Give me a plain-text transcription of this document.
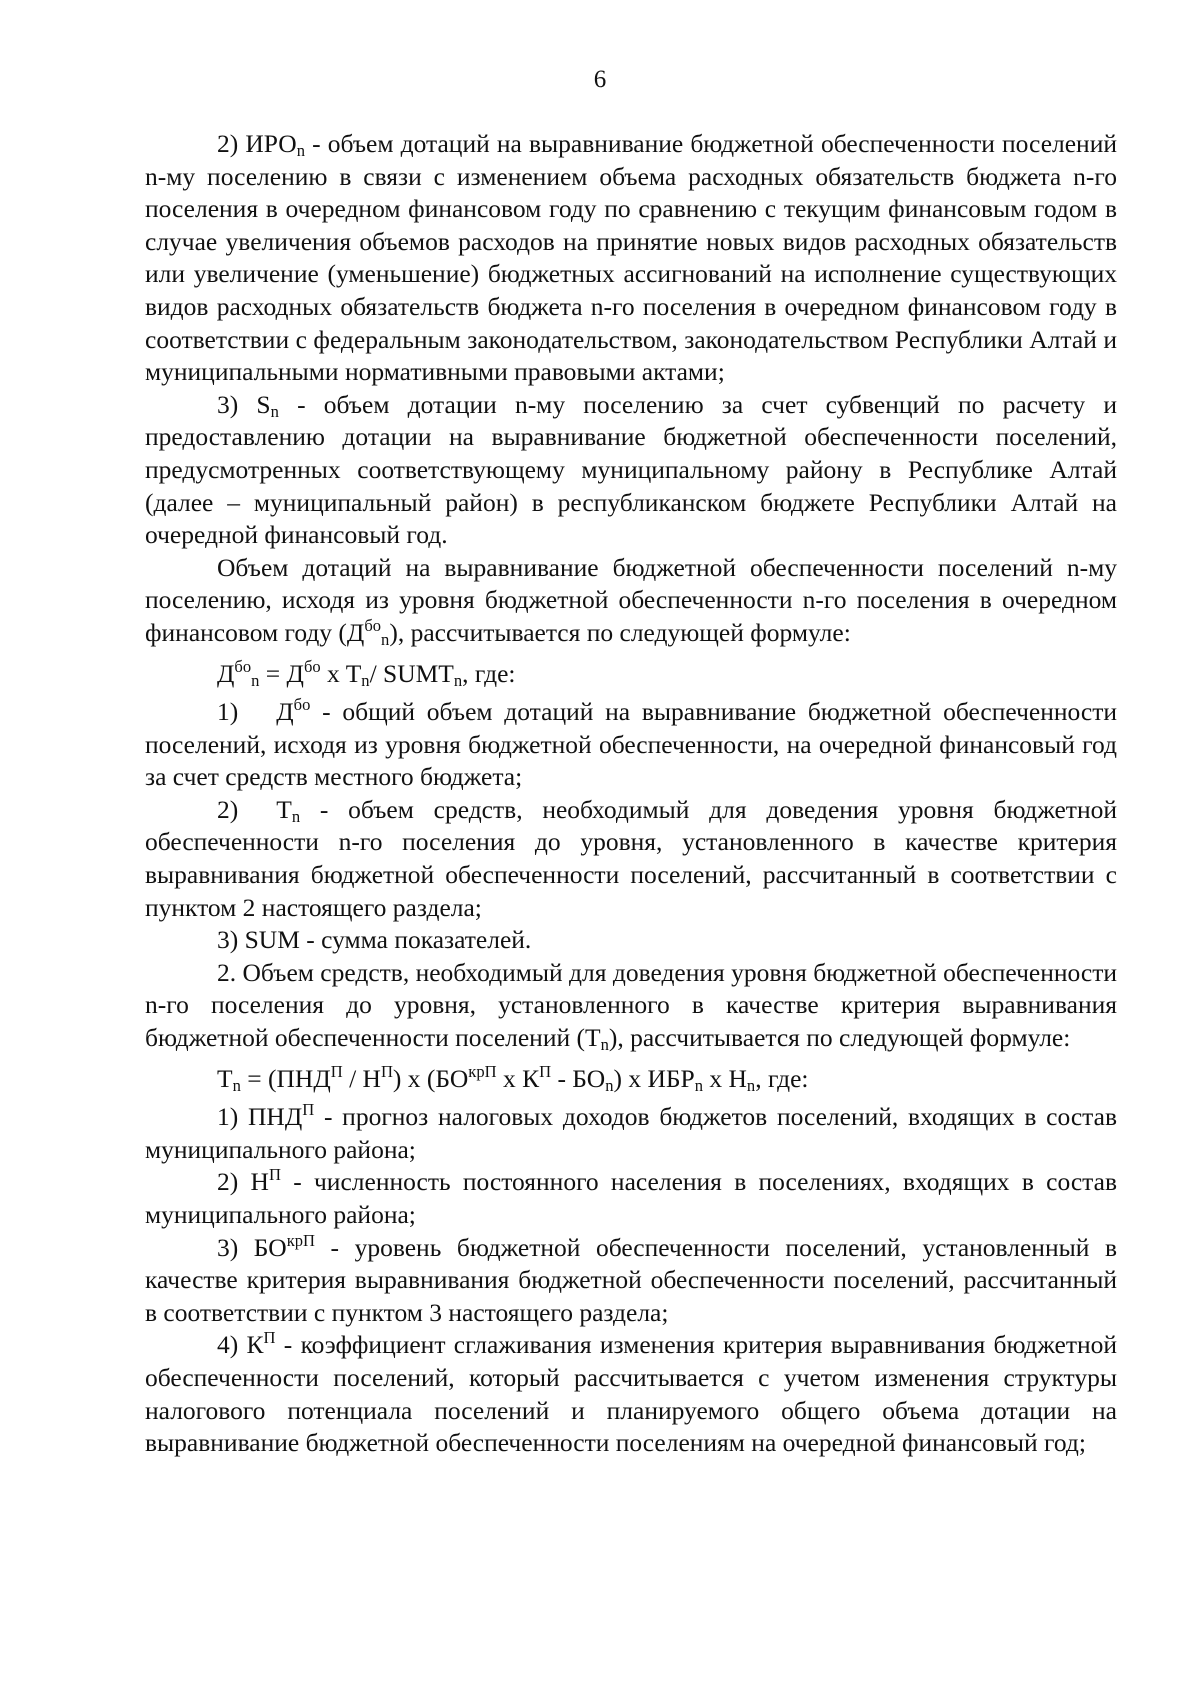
6

2) $ИРО_n$ - объем дотаций на выравнивание бюджетной обеспеченности поселений n-му поселению в связи с изменением объема расходных обязательств бюджета n-го поселения в очередном финансовом году по сравнению с текущим финансовым годом в случае увеличения объемов расходов на принятие новых видов расходных обязательств или увеличение (уменьшение) бюджетных ассигнований на исполнение существующих видов расходных обязательств бюджета n-го поселения в очередном финансовом году в соответствии с федеральным законодательством, законодательством Республики Алтай и муниципальными нормативными правовыми актами;

3) $S_n$ - объем дотации n-му поселению за счет субвенций по расчету и предоставлению дотации на выравнивание бюджетной обеспеченности поселений, предусмотренных соответствующему муниципальному району в Республике Алтай (далее – муниципальный район) в республиканском бюджете Республики Алтай на очередной финансовый год.

Объем дотаций на выравнивание бюджетной обеспеченности поселений n-му поселению, исходя из уровня бюджетной обеспеченности n-го поселения в очередном финансовом году $(Д^{бо}_n)$, рассчитывается по следующей формуле:

$Д^{бо}_n = Д^{бо}$ x $T_n/$ $SUMT_n$, где:

1) $Д^{бо}$ - общий объем дотаций на выравнивание бюджетной обеспеченности поселений, исходя из уровня бюджетной обеспеченности, на очередной финансовый год за счет средств местного бюджета;

2) $T_n$ - объем средств, необходимый для доведения уровня бюджетной обеспеченности n-го поселения до уровня, установленного в качестве критерия выравнивания бюджетной обеспеченности поселений, рассчитанный в соответствии с пунктом 2 настоящего раздела;

3) SUM - сумма показателей.

2. Объем средств, необходимый для доведения уровня бюджетной обеспеченности n-го поселения до уровня, установленного в качестве критерия выравнивания бюджетной обеспеченности поселений $(T_n)$, рассчитывается по следующей формуле:

$T_n = (ПНД^П / Н^П)$ x ($БО^{крП}$ x $К^П - БО_n$) x $ИБР_n$ x $Н_n$, где:

1) $ПНД^П$ - прогноз налоговых доходов бюджетов поселений, входящих в состав муниципального района;

2) $Н^П$ - численность постоянного населения в поселениях, входящих в состав муниципального района;

3) $БО^{крП}$ - уровень бюджетной обеспеченности поселений, установленный в качестве критерия выравнивания бюджетной обеспеченности поселений, рассчитанный в соответствии с пунктом 3 настоящего раздела;

4) $К^П$ - коэффициент сглаживания изменения критерия выравнивания бюджетной обеспеченности поселений, который рассчитывается с учетом изменения структуры налогового потенциала поселений и планируемого общего объема дотации на выравнивание бюджетной обеспеченности поселениям на очередной финансовый год;
